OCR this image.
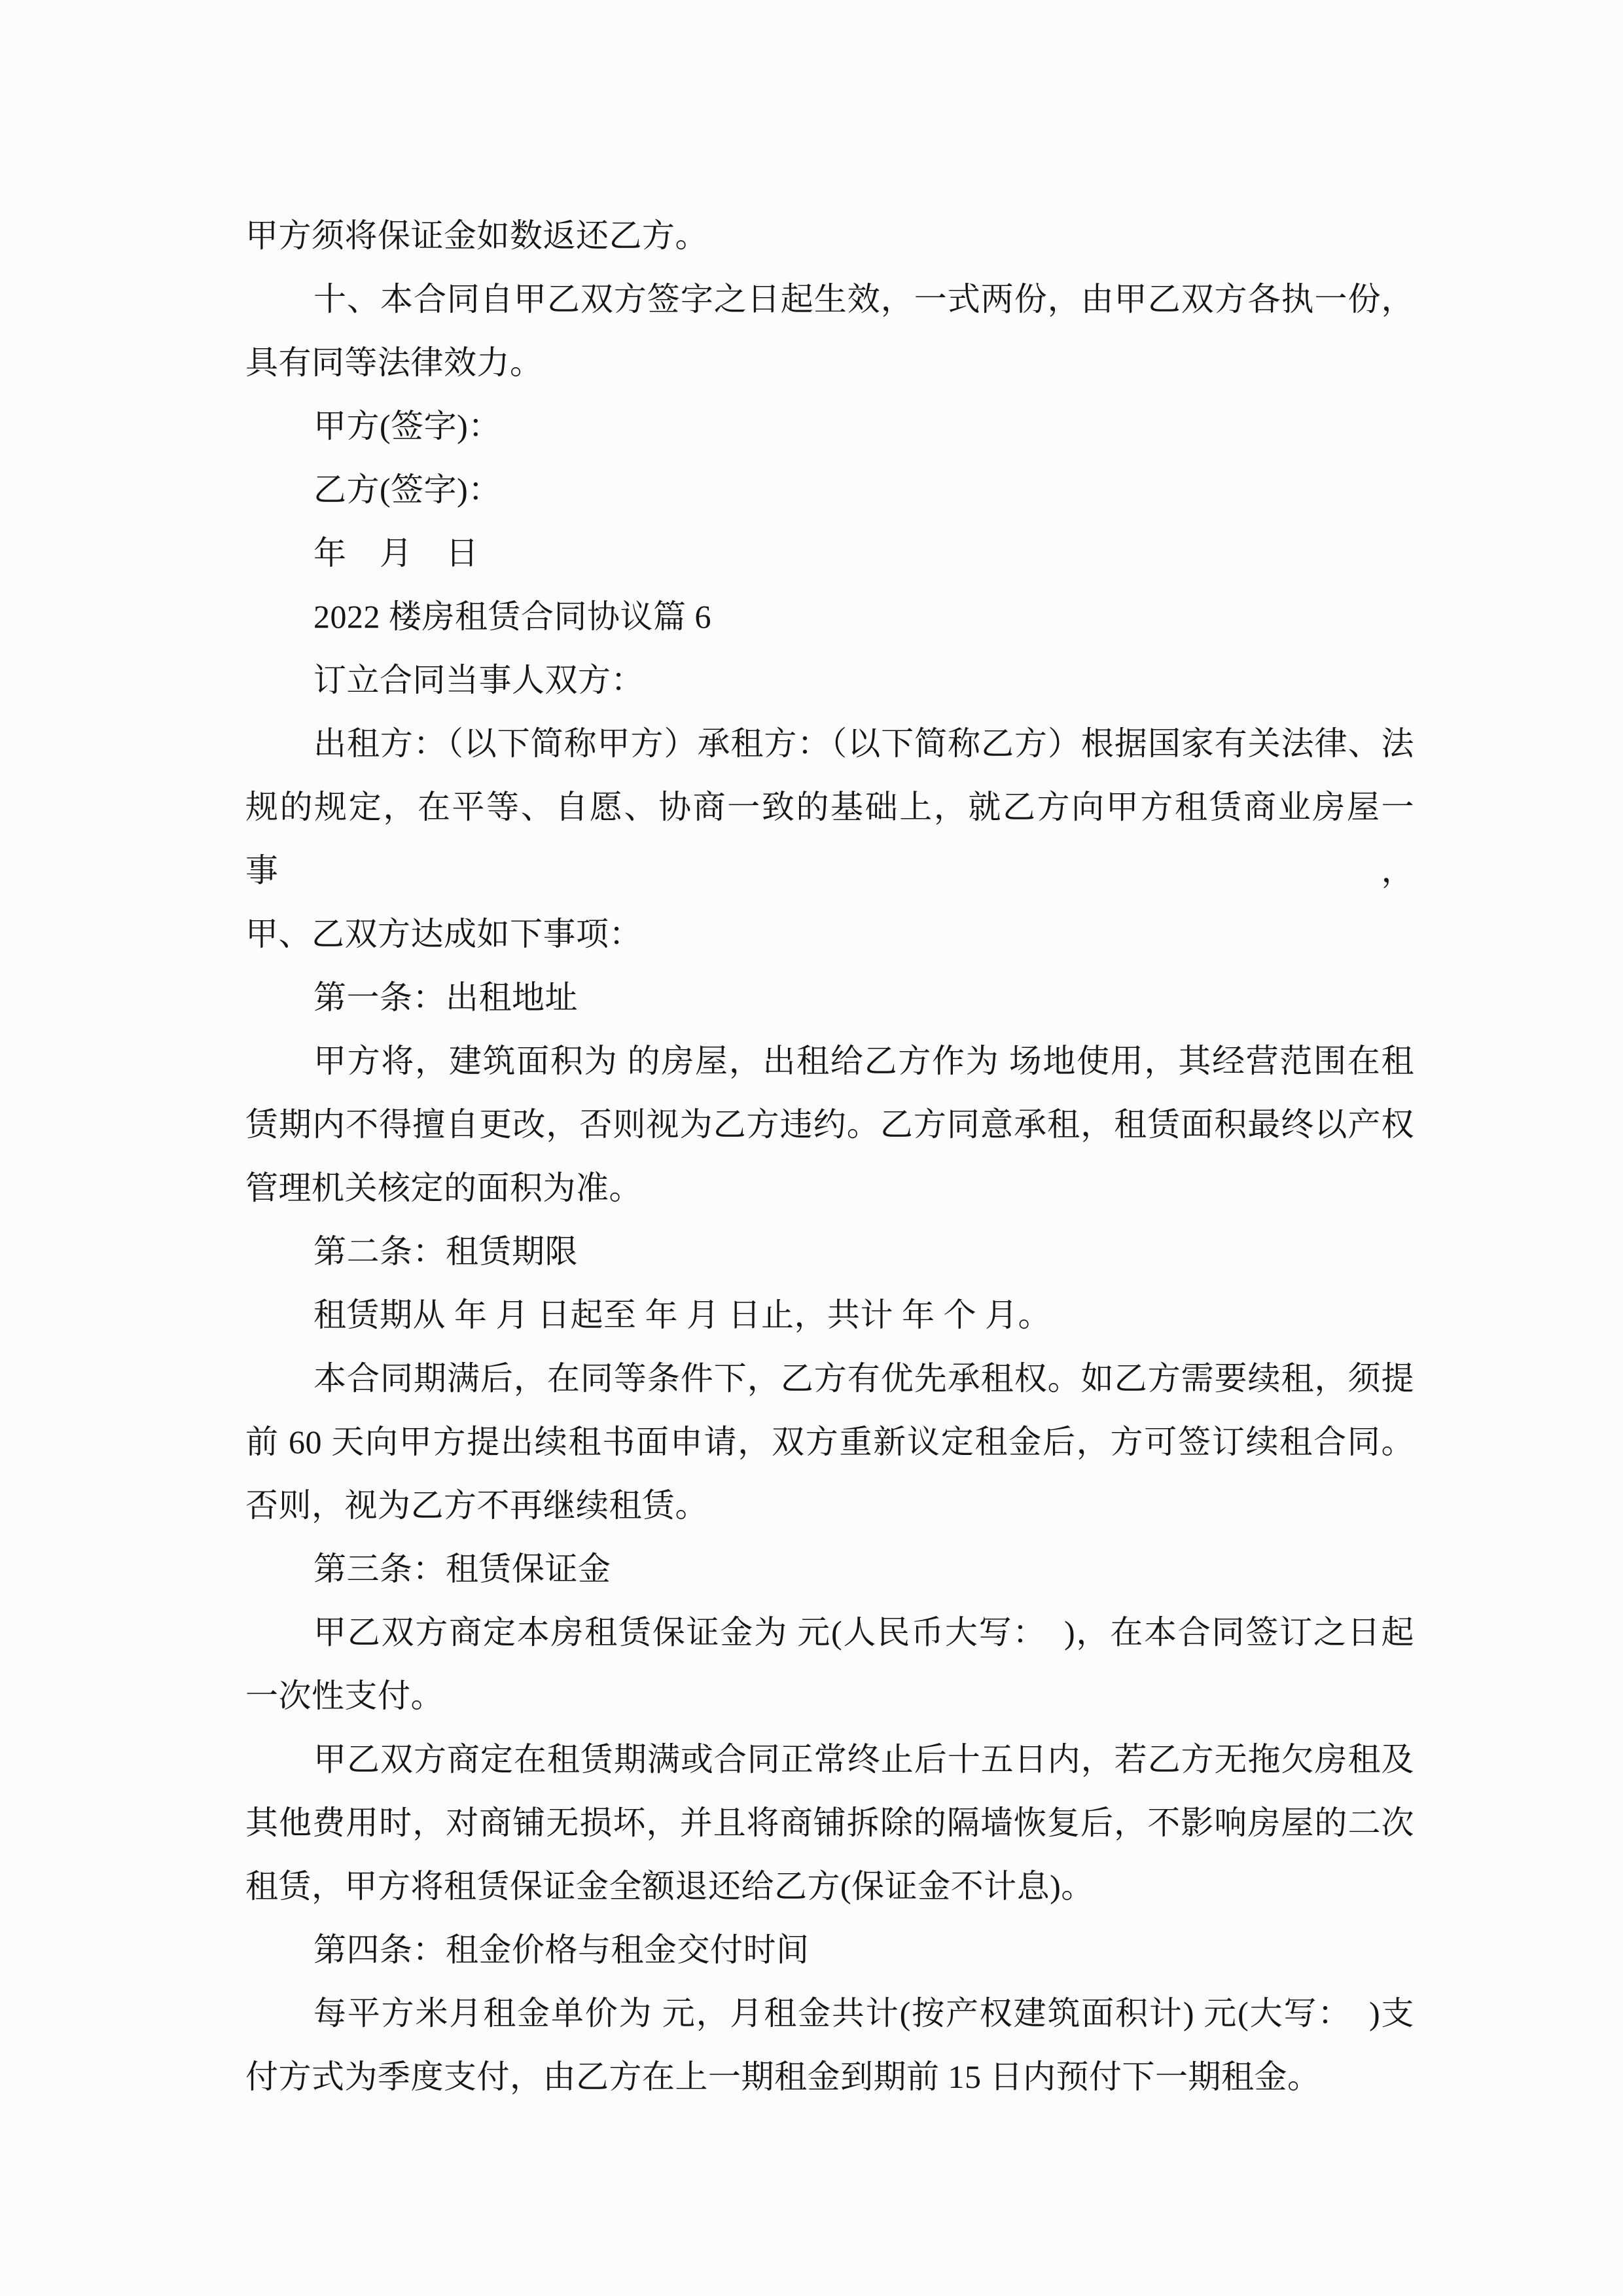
甲方须将保证金如数返还乙方。
十、本合同自甲乙双方签字之日起生效，一式两份，由甲乙双方各执一份，
具有同等法律效力。
甲方(签字)：
乙方(签字)：
年　月　日
2022 楼房租赁合同协议篇 6
订立合同当事人双方：
出租方：（以下简称甲方）承租方：（以下简称乙方）根据国家有关法律、法
规的规定，在平等、自愿、协商一致的基础上，就乙方向甲方租赁商业房屋一事，
甲、乙双方达成如下事项：
第一条：出租地址
甲方将，建筑面积为 的房屋，出租给乙方作为 场地使用，其经营范围在租
赁期内不得擅自更改，否则视为乙方违约。乙方同意承租，租赁面积最终以产权
管理机关核定的面积为准。
第二条：租赁期限
租赁期从 年 月 日起至 年 月 日止，共计 年 个 月。
本合同期满后，在同等条件下，乙方有优先承租权。如乙方需要续租，须提
前 60 天向甲方提出续租书面申请，双方重新议定租金后，方可签订续租合同。
否则，视为乙方不再继续租赁。
第三条：租赁保证金
甲乙双方商定本房租赁保证金为 元(人民币大写：　)，在本合同签订之日起
一次性支付。
甲乙双方商定在租赁期满或合同正常终止后十五日内，若乙方无拖欠房租及
其他费用时，对商铺无损坏，并且将商铺拆除的隔墙恢复后，不影响房屋的二次
租赁，甲方将租赁保证金全额退还给乙方(保证金不计息)。
第四条：租金价格与租金交付时间
每平方米月租金单价为 元，月租金共计(按产权建筑面积计) 元(大写：　)支
付方式为季度支付，由乙方在上一期租金到期前 15 日内预付下一期租金。
